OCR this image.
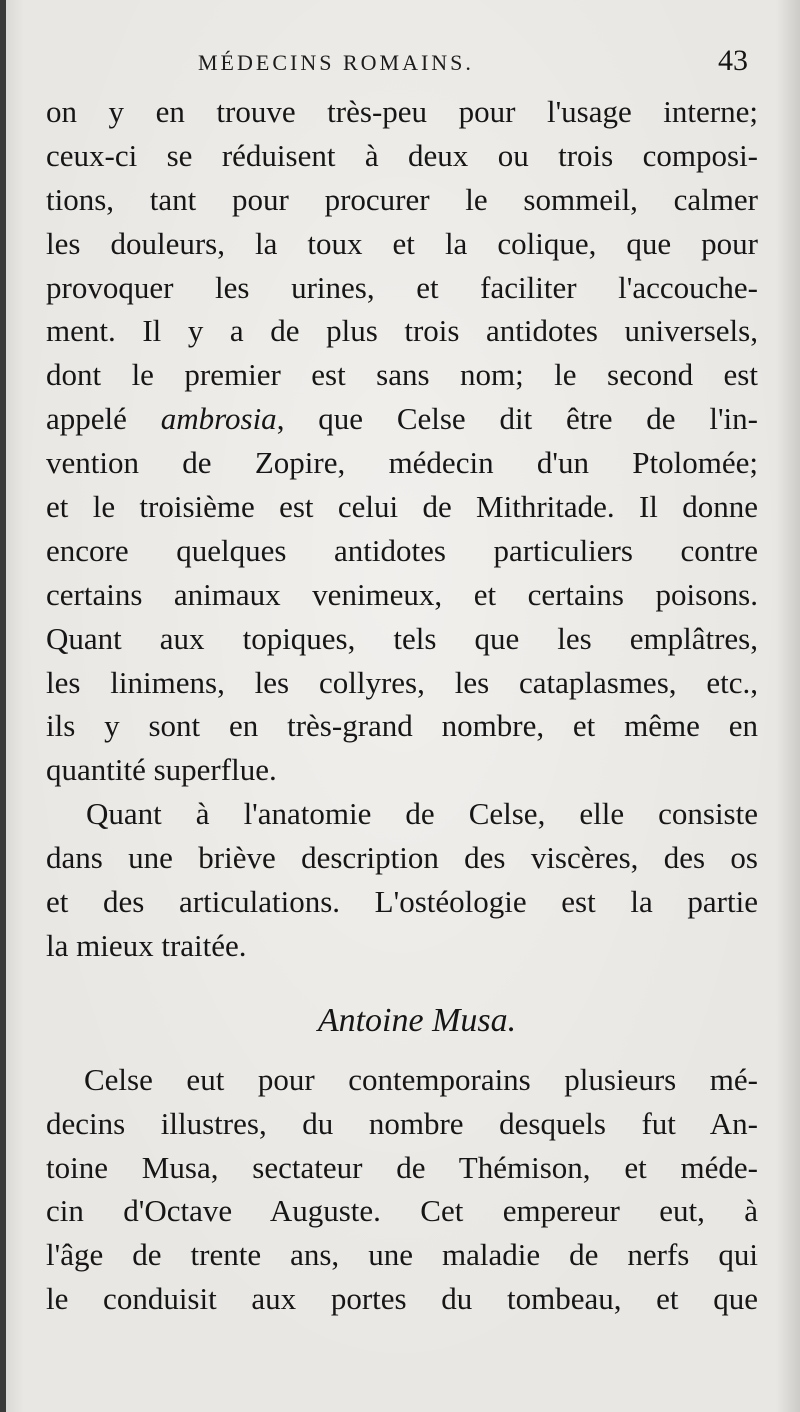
MÉDECINS ROMAINS.	43
on y en trouve très-peu pour l'usage interne;
ceux-ci se réduisent à deux ou trois composi-
tions, tant pour procurer le sommeil, calmer
les douleurs, la toux et la colique, que pour
provoquer les urines, et faciliter l'accouche-
ment. Il y a de plus trois antidotes universels,
dont le premier est sans nom; le second est
appelé ambrosia, que Celse dit être de l'in-
vention de Zopire, médecin d'un Ptolomée;
et le troisième est celui de Mithritade. Il donne
encore quelques antidotes particuliers contre
certains animaux venimeux, et certains poisons.
Quant aux topiques, tels que les emplâtres,
les linimens, les collyres, les cataplasmes, etc.,
ils y sont en très-grand nombre, et même en
quantité superflue.
Quant à l'anatomie de Celse, elle consiste
dans une briève description des viscères, des os
et des articulations. L'ostéologie est la partie
la mieux traitée.
Antoine Musa.
Celse eut pour contemporains plusieurs mé-
decins illustres, du nombre desquels fut An-
toine Musa, sectateur de Thémison, et méde-
cin d'Octave Auguste. Cet empereur eut, à
l'âge de trente ans, une maladie de nerfs qui
le conduisit aux portes du tombeau, et que
